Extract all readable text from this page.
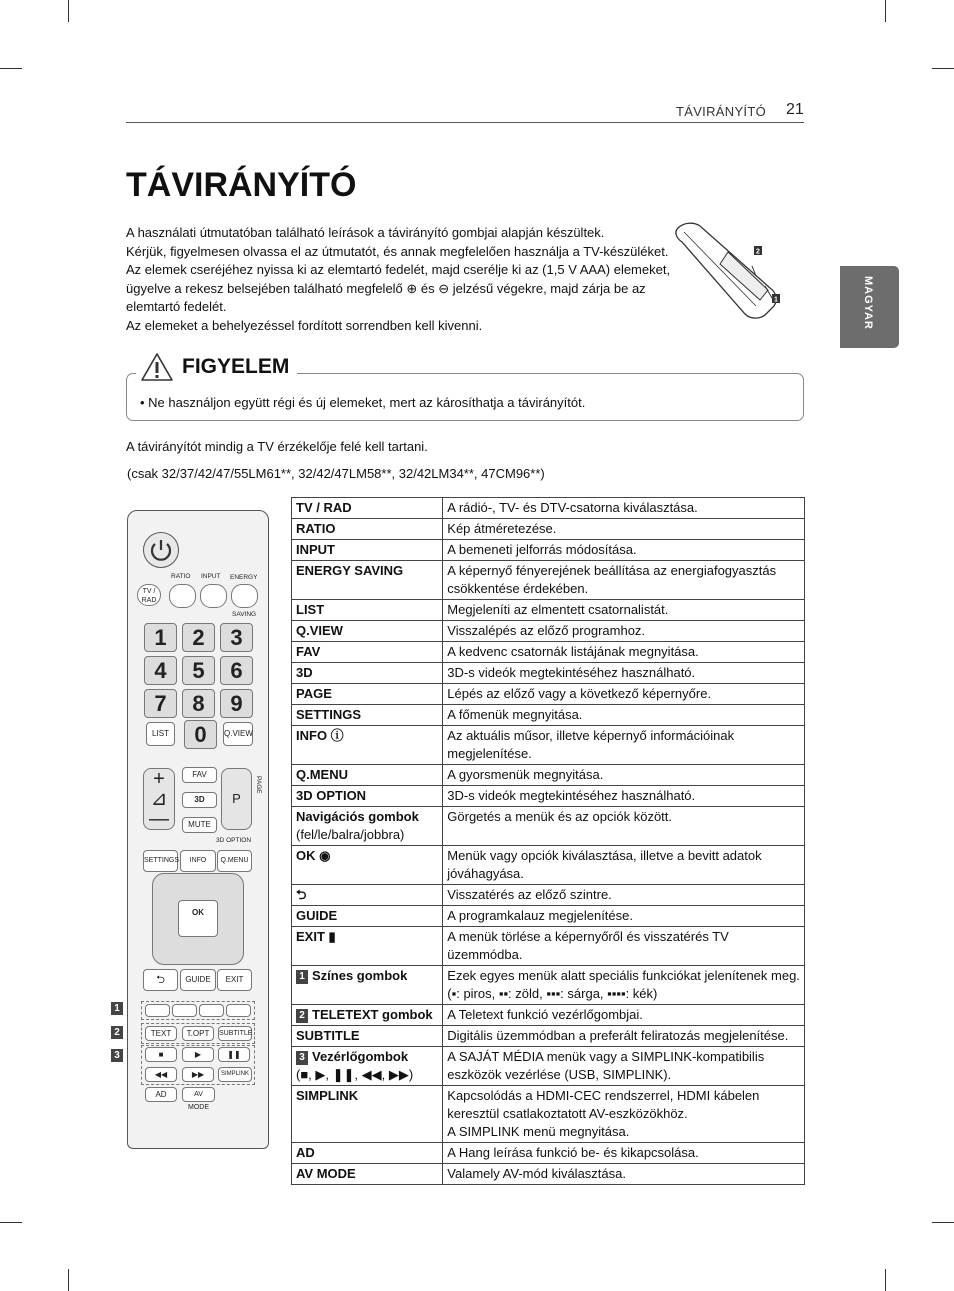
TÁVIRÁNYÍTÓ 21
TÁVIRÁNYÍTÓ
MAGYAR
A használati útmutatóban található leírások a távirányító gombjai alapján készültek.
Kérjük, figyelmesen olvassa el az útmutatót, és annak megfelelően használja a TV-készüléket.
Az elemek cseréjéhez nyissa ki az elemtartó fedelét, majd cserélje ki az (1,5 V AAA) elemeket,
ügyelve a rekesz belsejében található megfelelő ⊕ és ⊖ jelzésű végekre, majd zárja be az
elemtartó fedelét.
Az elemeket a behelyezéssel fordított sorrendben kell kivenni.
2
1
FIGYELEM
• Ne használjon együtt régi és új elemeket, mert az károsíthatja a távirányítót.
A távirányítót mindig a TV érzékelője felé kell tartani.
(csak 32/37/42/47/55LM61**, 32/42/47LM58**, 32/42LM34**, 47CM96**)
TV / RAD	A rádió-, TV- és DTV-csatorna kiválasztása.
RATIO	Kép átméretezése.
INPUT	A bemeneti jelforrás módosítása.
ENERGY SAVING	A képernyő fényerejének beállítása az energiafogyasztás csökkentése érdekében.
LIST	Megjeleníti az elmentett csatornalistát.
Q.VIEW	Visszalépés az előző programhoz.
FAV	A kedvenc csatornák listájának megnyitása.
3D	3D-s videók megtekintéséhez használható.
PAGE	Lépés az előző vagy a következő képernyőre.
SETTINGS	A főmenük megnyitása.
INFO ⓘ	Az aktuális műsor, illetve képernyő információinak megjelenítése.
Q.MENU	A gyorsmenük megnyitása.
3D OPTION	3D-s videók megtekintéséhez használható.
Navigációs gombok
(fel/le/balra/jobbra)	Görgetés a menük és az opciók között.
OK ◉	Menük vagy opciók kiválasztása, illetve a bevitt adatok jóváhagyása.
⮌	Visszatérés az előző szintre.
GUIDE	A programkalauz megjelenítése.
EXIT ▮	A menük törlése a képernyőről és visszatérés TV üzemmódba.
1 Színes gombok	Ezek egyes menük alatt speciális funkciókat jelenítenek meg.
(▪: piros, ▪▪: zöld, ▪▪▪: sárga, ▪▪▪▪: kék)
2 TELETEXT gombok	A Teletext funkció vezérlőgombjai.
SUBTITLE	Digitális üzemmódban a preferált feliratozás megjelenítése.
3 Vezérlőgombok
(■, ▶, ❚❚, ◀◀, ▶▶)	A SAJÁT MÉDIA menük vagy a SIMPLINK-kompatibilis eszközök vezérlése (USB, SIMPLINK).
SIMPLINK	Kapcsolódás a HDMI-CEC rendszerrel, HDMI kábelen keresztül csatlakoztatott AV-eszközökhöz.
A SIMPLINK menü megnyitása.
AD	A Hang leírása funkció be- és kikapcsolása.
AV MODE	Valamely AV-mód kiválasztása.
RATIO INPUT ENERGY
TV / RAD
SAVING
1	2	3
4	5	6
7	8	9
LIST	0	Q.VIEW
+
⊿
—
FAV
3D
MUTE
P
PAGE
3D OPTION
SETTINGS	INFO	Q.MENU
OK
⮌	GUIDE	EXIT
TEXT	T.OPT	SUBTITLE
■	▶	❚❚
◀◀	▶▶	SIMPLINK
AD	AV MODE
1
2
3
